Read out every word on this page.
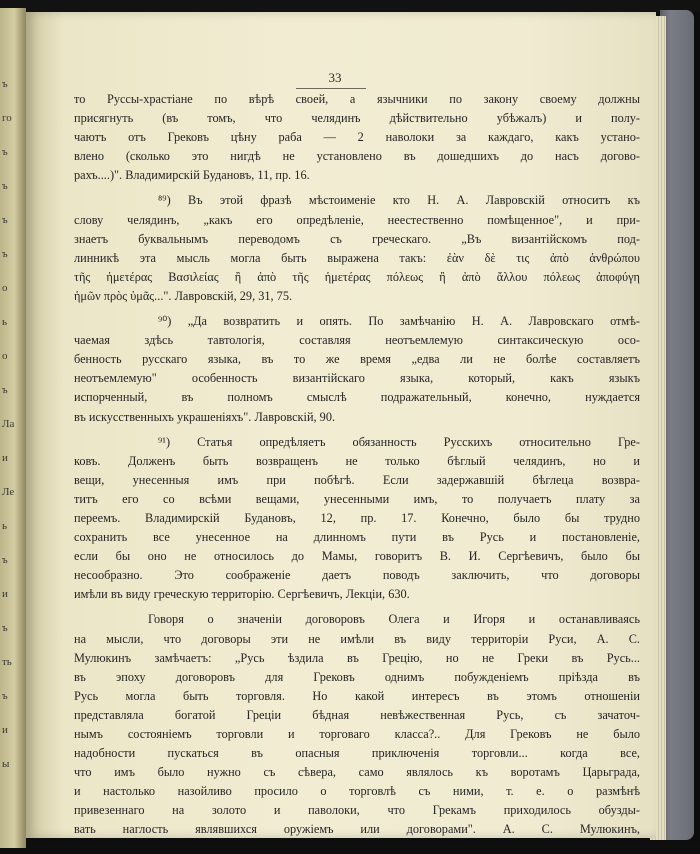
ъ
го
ъ
ъ
ъ
ъ
о
ь
о
ъ
Ла
и
Ле
ь
ъ
и
ъ
ть
ъ
и
ы
33

то Руссы-храстіане по вѣрѣ своей, а язычники по закону своему должны
присягнуть (въ томъ, что челядинъ дѣйствительно убѣжалъ) и полу-
чаютъ отъ Грековъ цѣну раба — 2 наволоки за каждаго, какъ устано-
влено (сколько это нигдѣ не установлено въ дошедшихъ до насъ догово-
рахъ....)". Владимирскій Будановъ, 11, пр. 16.

⁸⁹) Въ этой фразѣ мѣстоименіе кто Н. А. Лавровскій относитъ къ
слову челядинъ, „какъ его опредѣленіе, неестественно помѣщенное", и при-
знаетъ буквальнымъ переводомъ съ греческаго. „Въ византійскомъ под-
линникѣ эта мысль могла быть выражена такъ: ἐὰν δὲ τις ἀπὸ ἀνθρώπου
τῆς ἡμετέρας Βασιλείας ἢ ἀπὸ τῆς ἡμετέρας πόλεως ἢ ἀπὸ ἄλλου πόλεως ἀποφύγη
ἡμῶν πρὸς ὑμᾶς...". Лавровскій, 29, 31, 75.

⁹⁰) „Да возвратить и опять. По замѣчанію Н. А. Лавровскаго отмѣ-
чаемая здѣсь тавтологія, составляя неотъемлемую синтаксическую осо-
бенность русскаго языка, въ то же время „едва ли не болѣе составляетъ
неотъемлемую" особенность византійскаго языка, который, какъ языкъ
испорченный, въ полномъ смыслѣ подражательный, конечно, нуждается
въ искусственныхъ украшеніяхъ". Лавровскій, 90.

⁹¹) Статья опредѣляетъ обязанность Русскихъ относительно Гре-
ковъ. Долженъ быть возвращенъ не только бѣглый челядинъ, но и
вещи, унесенныя имъ при побѣгѣ. Если задержавшій бѣглеца возвра-
титъ его со всѣми вещами, унесенными имъ, то получаетъ плату за
переемъ. Владимирскій Будановъ, 12, пр. 17. Конечно, было бы трудно
сохранить все унесенное на длинномъ пути въ Русь и постановленіе,
если бы оно не относилось до Мамы, говоритъ В. И. Сергѣевичъ, было бы
несообразно. Это соображеніе даетъ поводъ заключить, что договоры
имѣли въ виду греческую территорію. Сергѣевичъ, Лекціи, 630.

Говоря о значеніи договоровъ Олега и Игоря и останавливаясь
на мысли, что договоры эти не имѣли въ виду территоріи Руси, А. С.
Мулюкинъ замѣчаетъ: „Русь ѣздила въ Грецію, но не Греки въ Русь...
въ эпоху договоровъ для Грековъ однимъ побужденіемъ пріѣзда въ
Русь могла быть торговля. Но какой интересъ въ этомъ отношеніи
представляла богатой Греціи бѣдная невѣжественная Русь, съ зачаточ-
нымъ состояніемъ торговли и торговаго класса?.. Для Грековъ не было
надобности пускаться въ опасныя приключенія торговли... когда все,
что имъ было нужно съ сѣвера, само являлось къ воротамъ Царьграда,
и настолько назойливо просило о торговлѣ съ ними, т. е. о размѣнѣ
привезеннаго на золото и паволоки, что Грекамъ приходилось обузды-
вать наглость являвшихся оружіемъ или договорами". А. С. Мулюкинъ,
